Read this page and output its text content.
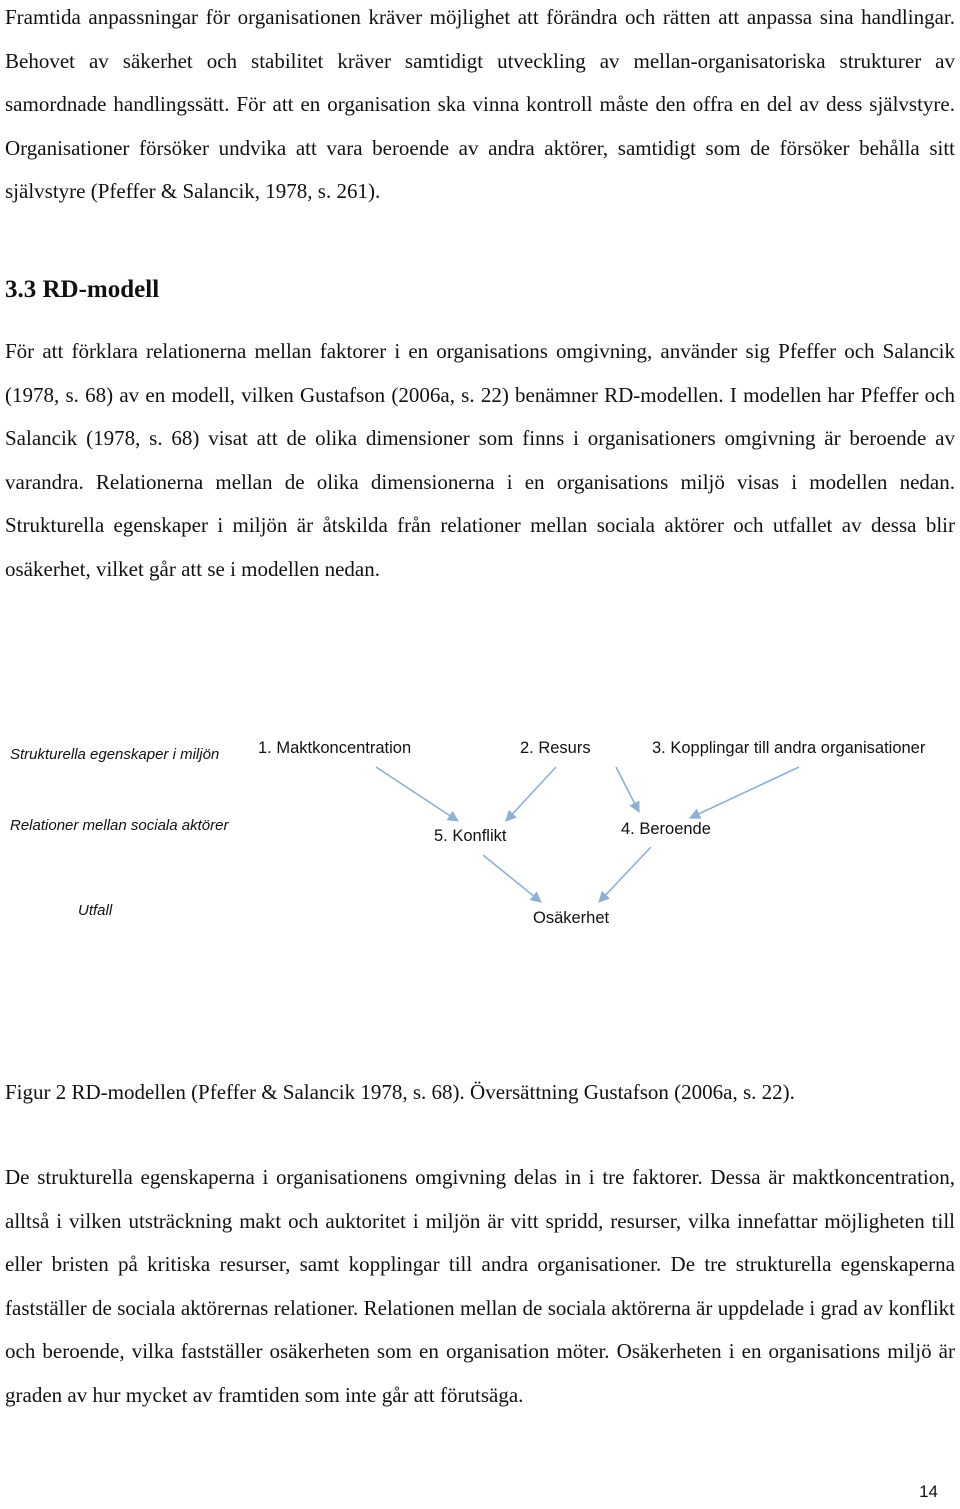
Framtida anpassningar för organisationen kräver möjlighet att förändra och rätten att anpassa sina handlingar. Behovet av säkerhet och stabilitet kräver samtidigt utveckling av mellan-organisatoriska strukturer av samordnade handlingssätt. För att en organisation ska vinna kontroll måste den offra en del av dess självstyre. Organisationer försöker undvika att vara beroende av andra aktörer, samtidigt som de försöker behålla sitt självstyre (Pfeffer & Salancik, 1978, s. 261).

3.3 RD-modell

För att förklara relationerna mellan faktorer i en organisations omgivning, använder sig Pfeffer och Salancik (1978, s. 68) av en modell, vilken Gustafson (2006a, s. 22) benämner RD-modellen. I modellen har Pfeffer och Salancik (1978, s. 68) visat att de olika dimensioner som finns i organisationers omgivning är beroende av varandra. Relationerna mellan de olika dimensionerna i en organisations miljö visas i modellen nedan. Strukturella egenskaper i miljön är åtskilda från relationer mellan sociala aktörer och utfallet av dessa blir osäkerhet, vilket går att se i modellen nedan.

Strukturella egenskaper i miljön
Relationer mellan sociala aktörer
Utfall
1. Maktkoncentration	2. Resurs	3. Kopplingar till andra organisationer
5. Konflikt	4. Beroende
Osäkerhet

Figur 2 RD-modellen (Pfeffer & Salancik 1978, s. 68). Översättning Gustafson (2006a, s. 22).

De strukturella egenskaperna i organisationens omgivning delas in i tre faktorer. Dessa är maktkoncentration, alltså i vilken utsträckning makt och auktoritet i miljön är vitt spridd, resurser, vilka innefattar möjligheten till eller bristen på kritiska resurser, samt kopplingar till andra organisationer. De tre strukturella egenskaperna fastställer de sociala aktörernas relationer. Relationen mellan de sociala aktörerna är uppdelade i grad av konflikt och beroende, vilka fastställer osäkerheten som en organisation möter. Osäkerheten i en organisations miljö är graden av hur mycket av framtiden som inte går att förutsäga.

14
